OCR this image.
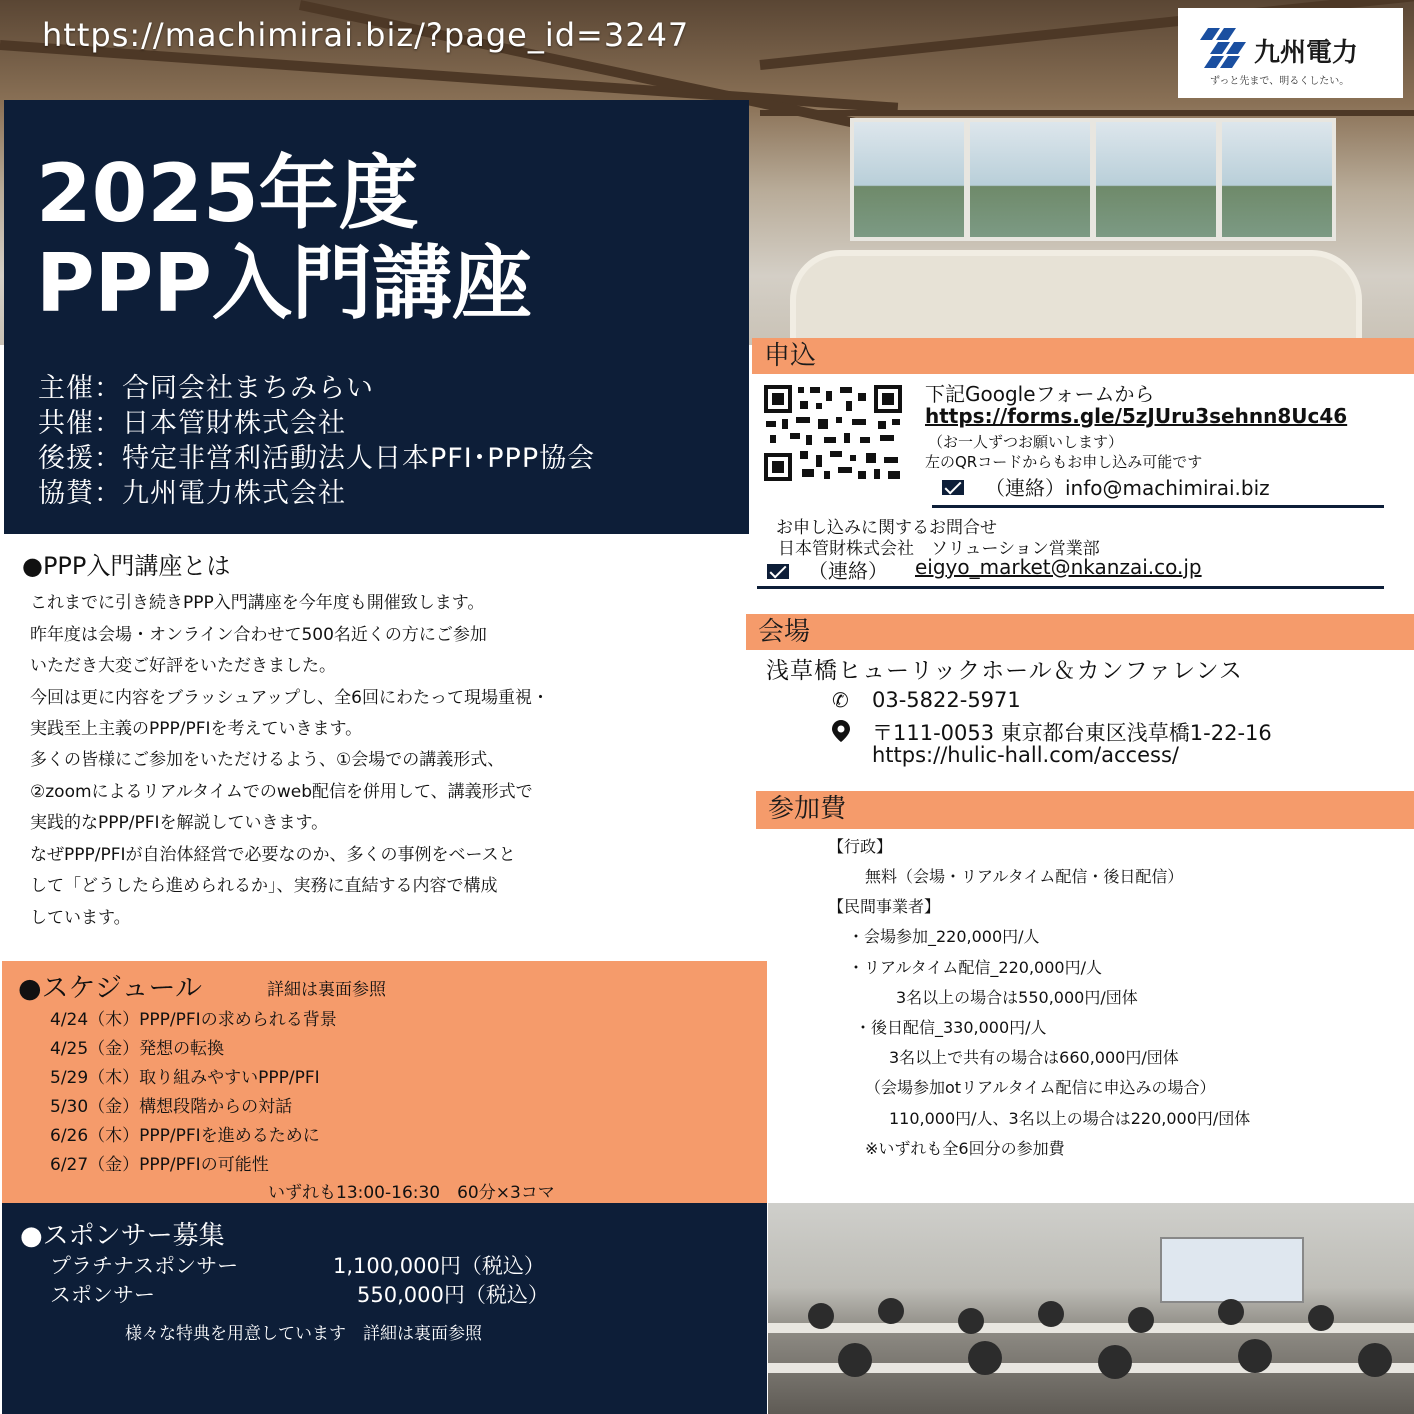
https://machimirai.biz/?page_id=3247	九州電力
ずっと先まで、明るくしたい。
2025年度
PPP入門講座
主催：合同会社まちみらい
共催：日本管財株式会社
後援：特定非営利活動法人日本PFI･PPP協会
協賛：九州電力株式会社
●PPP入門講座とは
これまでに引き続きPPP入門講座を今年度も開催致します。
昨年度は会場・オンライン合わせて500名近くの方にご参加
いただき大変ご好評をいただきました。
今回は更に内容をブラッシュアップし、全6回にわたって現場重視・
実践至上主義のPPP/PFIを考えていきます。
多くの皆様にご参加をいただけるよう、①会場での講義形式、
②zoomによるリアルタイムでのweb配信を併用して、講義形式で
実践的なPPP/PFIを解説していきます。
なぜPPP/PFIが自治体経営で必要なのか、多くの事例をベースと
して「どうしたら進められるか」、実務に直結する内容で構成
しています。
●スケジュール	詳細は裏面参照
4/24（木）PPP/PFIの求められる背景
4/25（金）発想の転換
5/29（木）取り組みやすいPPP/PFI
5/30（金）構想段階からの対話
6/26（木）PPP/PFIを進めるために
6/27（金）PPP/PFIの可能性
いずれも13:00-16:30　60分×3コマ
●スポンサー募集
プラチナスポンサー	1,100,000円（税込）
スポンサー	550,000円（税込）
様々な特典を用意しています　詳細は裏面参照
申込
下記Googleフォームから
https://forms.gle/5zJUru3sehnn8Uc46
（お一人ずつお願いします）
左のQRコードからもお申し込み可能です
（連絡）info@machimirai.biz
お申し込みに関するお問合せ
日本管財株式会社　ソリューション営業部
（連絡） eigyo_market@nkanzai.co.jp
会場
浅草橋ヒューリックホール＆カンファレンス
✆ 03-5822-5971
〒111-0053 東京都台東区浅草橋1-22-16
https://hulic-hall.com/access/
参加費
【行政】
無料（会場・リアルタイム配信・後日配信）
【民間事業者】
・会場参加_220,000円/人
・リアルタイム配信_220,000円/人
3名以上の場合は550,000円/団体
・後日配信_330,000円/人
3名以上で共有の場合は660,000円/団体
（会場参加otリアルタイム配信に申込みの場合）
110,000円/人、3名以上の場合は220,000円/団体
※いずれも全6回分の参加費
